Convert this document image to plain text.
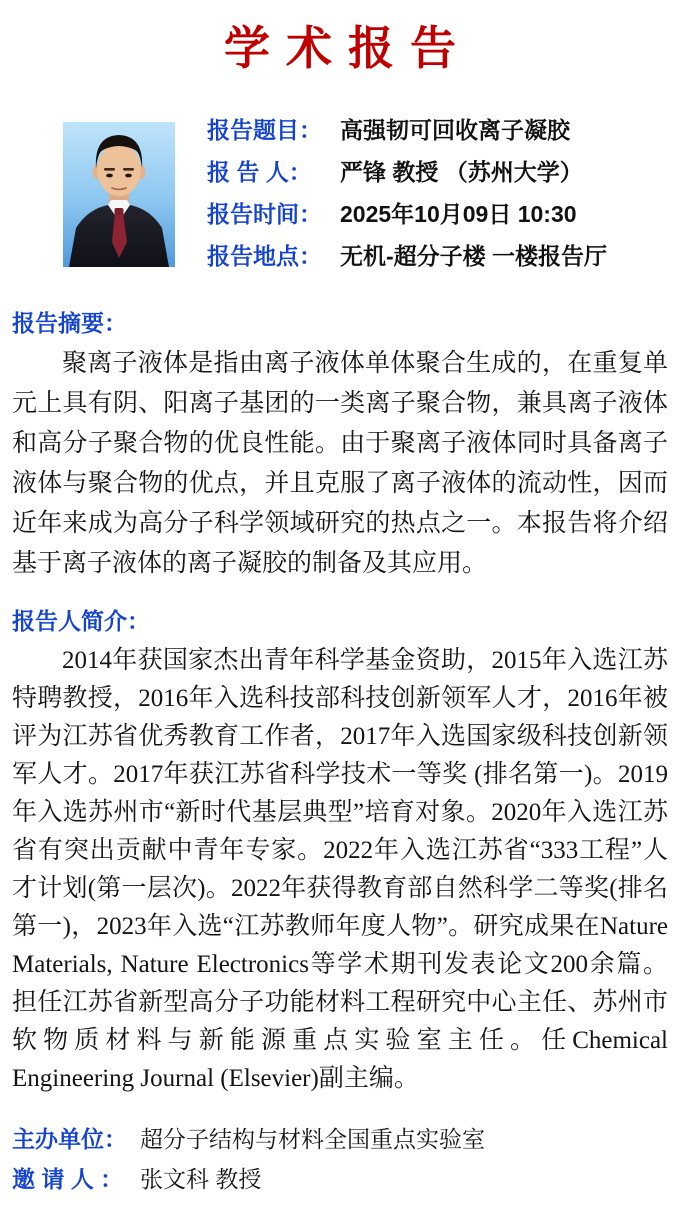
学术报告
报告题目： 高强韧可回收离子凝胶
报 告 人：	严锋 教授 （苏州大学）
报告时间： 2025年10月09日 10:30
报告地点： 无机-超分子楼 一楼报告厅
报告摘要：

聚离子液体是指由离子液体单体聚合生成的，在重复单元上具有阴、阳离子基团的一类离子聚合物，兼具离子液体和高分子聚合物的优良性能。由于聚离子液体同时具备离子液体与聚合物的优点，并且克服了离子液体的流动性，因而近年来成为高分子科学领域研究的热点之一。本报告将介绍基于离子液体的离子凝胶的制备及其应用。

报告人简介：

2014年获国家杰出青年科学基金资助，2015年入选江苏特聘教授，2016年入选科技部科技创新领军人才，2016年被评为江苏省优秀教育工作者，2017年入选国家级科技创新领军人才。2017年获江苏省科学技术一等奖 (排名第一)。2019年入选苏州市“新时代基层典型”培育对象。2020年入选江苏省有突出贡献中青年专家。2022年入选江苏省“333工程”人才计划(第一层次)。2022年获得教育部自然科学二等奖(排名第一)，2023年入选“江苏教师年度人物”。研究成果在Nature Materials, Nature Electronics等学术期刊发表论文200余篇。担任江苏省新型高分子功能材料工程研究中心主任、苏州市软物质材料与新能源重点实验室主任。任Chemical Engineering Journal (Elsevier)副主编。

主办单位： 超分子结构与材料全国重点实验室
邀 请 人 ： 张文科 教授
